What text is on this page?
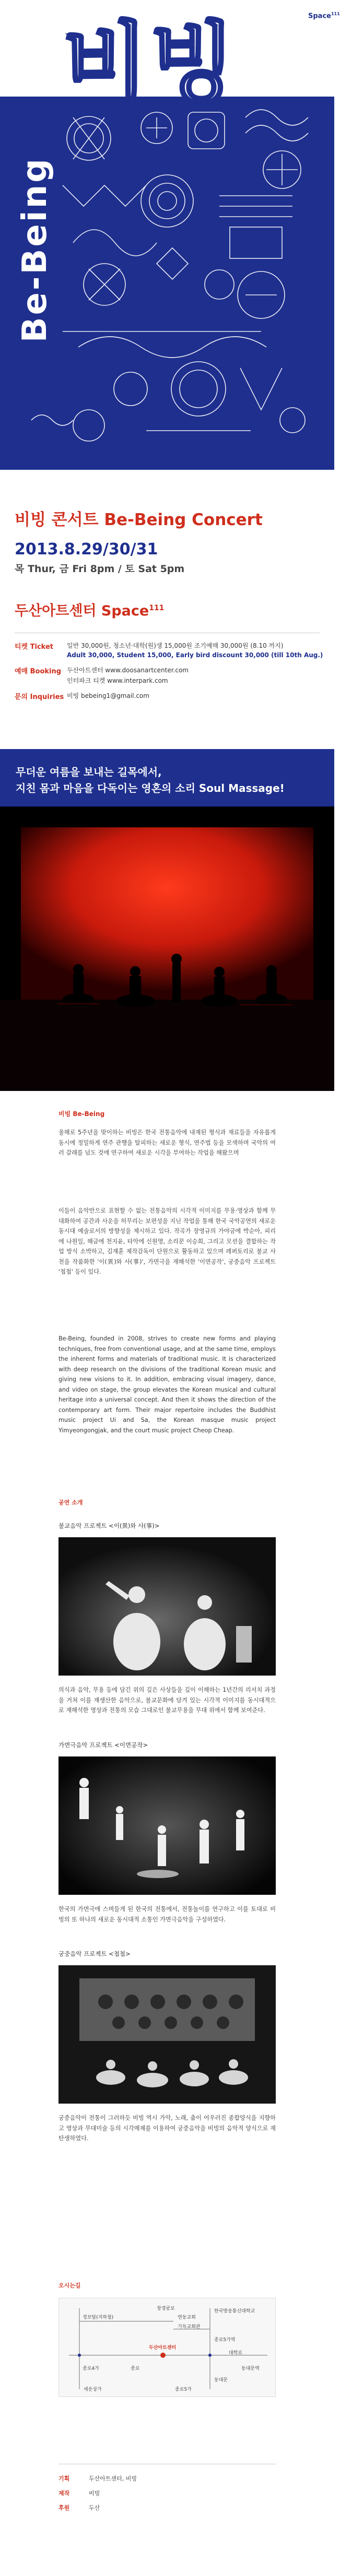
Space$^{111}$
비빙
Be-Being
비빙 콘서트 Be-Being Concert
2013.8.29/30/31
목 Thur, 금 Fri 8pm / 토 Sat 5pm
두산아트센터 Space$^{111}$
티켓 Ticket 일반 30,000원, 청소년·대학(원)생 15,000원 조기예매 30,000원 (8.10 까지)
Adult 30,000, Student 15,000, Early bird discount 30,000 (till 10th Aug.)
예매 Booking 두산아트센터 www.doosanartcenter.com
인터파크 티켓 www.interpark.com
문의 Inquiries 비빙 bebeing1@gmail.com
무더운 여름을 보내는 길목에서,
지친 몸과 마음을 다독이는 영혼의 소리 Soul Massage!
비빙 Be-Being
올해로 5주년을 맞이하는 비빙은 한국 전통음악에 내재된 형식과 재료들을 자유롭게 동시에 정밀하게 연주 관행을 탈피하는 새로운 형식, 연주법 등을 모색하며 국악의 여러 갈래를 넘도 것에 연구하여 새로운 시각을 부여하는 작업을 해왔으며
이들이 음악만으로 표현할 수 없는 전통음악의 시각적 이미지를 무용·영상과 함께 무대화하여 공간과 사운을 허무리는 보편성을 지닌 작업을 통해 한국 국악공연의 새로운 동시대 예술로서의 방향성을 제시하고 있다. 작곡가 장영규의 가야금에 박순아, 피리에 나원일, 해금에 천지윤, 타악에 신원영, 소리꾼 이승희, 그리고 모션을 결합하는 작업 방식 소박하고, 김재훈 제작감독이 단원으로 활동하고 있으며 레퍼토리로 불교 사천을 작품화한 '이(異)와 사(事)', 가면극을 재해석한 '이면공작', 궁중음악 프로젝트 '첩첩' 등이 있다.
Be-Being, founded in 2008, strives to create new forms and playing techniques, free from conventional usage, and at the same time, employs the inherent forms and materials of traditional music. It is characterized with deep research on the divisions of the traditional Korean music and giving new visions to it. In addition, embracing visual imagery, dance, and video on stage, the group elevates the Korean musical and cultural heritage into a universal concept. And then it shows the direction of the contemporary art form. Their major repertoire includes the Buddhist music project Ui and Sa, the Korean masque music project Yimyeongongjak, and the court music project Cheop Cheap.
공연 소개
불교음악 프로젝트 <이(異)와 사(事)>
의식과 음악, 무용 등에 담긴 위의 깊은 사상들을 깊이 이해하는 1년간의 리서치 과정을 거쳐 이를 재생산한 음악으로, 불교문화에 담겨 있는 시각적 이미지를 동시대적으로 재해석한 영상과 전통의 모습 그대로인 불교무용을 무대 위에서 함께 보여준다.
가면극음악 프로젝트 <이면공작>
한국의 가면극에 스며들게 된 한국의 전통에서, 전통놀이를 연구하고 이를 토대로 비빙의 또 하나의 새로운 동시대적 소통인 가면극음악을 구성하였다.
궁중음악 프로젝트 <첩첩>
궁중음악이 전통이 그러하듯 비빙 역시 가악, 노래, 춤이 어우러진 종합양식을 지향하고 영상과 무대미술 등의 시각매체를 이용하여 궁중음악을 비빙의 음악적 양식으로 재탄생하였다.
오시는길
정보탑(지하철)	연동교회
기독교회관
두산아트센터
종로5가역
동대문역
종로4가
동대문
종로
한국방송통신대학교
세운상가	종로5가
대학로
창경궁로
기획	두산아트센터, 비빙
제작	비빙
후원	두산
